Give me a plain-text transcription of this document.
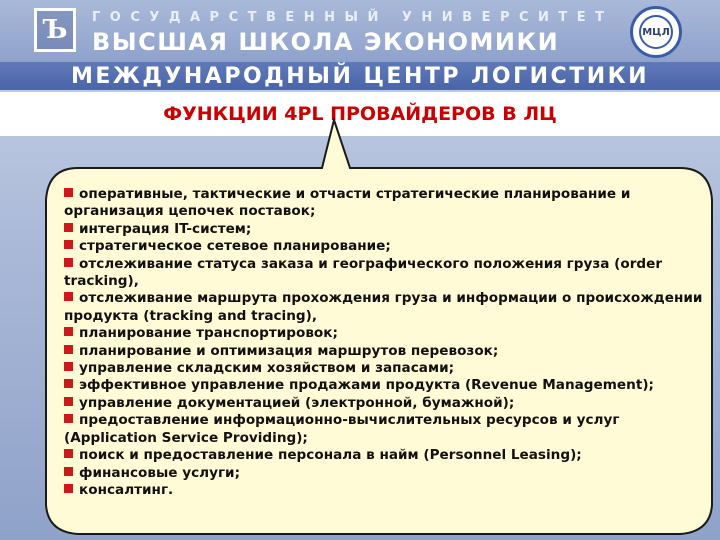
Ъ ГОСУДАРСТВЕННЫЙ УНИВЕРСИТЕТ
ВЫСШАЯ ШКОЛА ЭКОНОМИКИ	МЦЛ
МЕЖДУНАРОДНЫЙ ЦЕНТР ЛОГИСТИКИ
ФУНКЦИИ 4PL ПРОВАЙДЕРОВ В ЛЦ
оперативные, тактические и отчасти стратегические планирование и организация цепочек поставок;
интеграция IT-систем;
стратегическое сетевое планирование;
отслеживание статуса заказа и географического положения груза (order tracking),
отслеживание маршрута прохождения груза и информации о происхождении продукта (tracking and tracing),
планирование транспортировок;
планирование и оптимизация маршрутов перевозок;
управление складским хозяйством и запасами;
эффективное управление продажами продукта (Revenue Management);
управление документацией (электронной, бумажной);
предоставление информационно-вычислительных ресурсов и услуг (Application Service Providing);
поиск и предоставление персонала в найм (Personnel Leasing);
финансовые услуги;
консалтинг.
